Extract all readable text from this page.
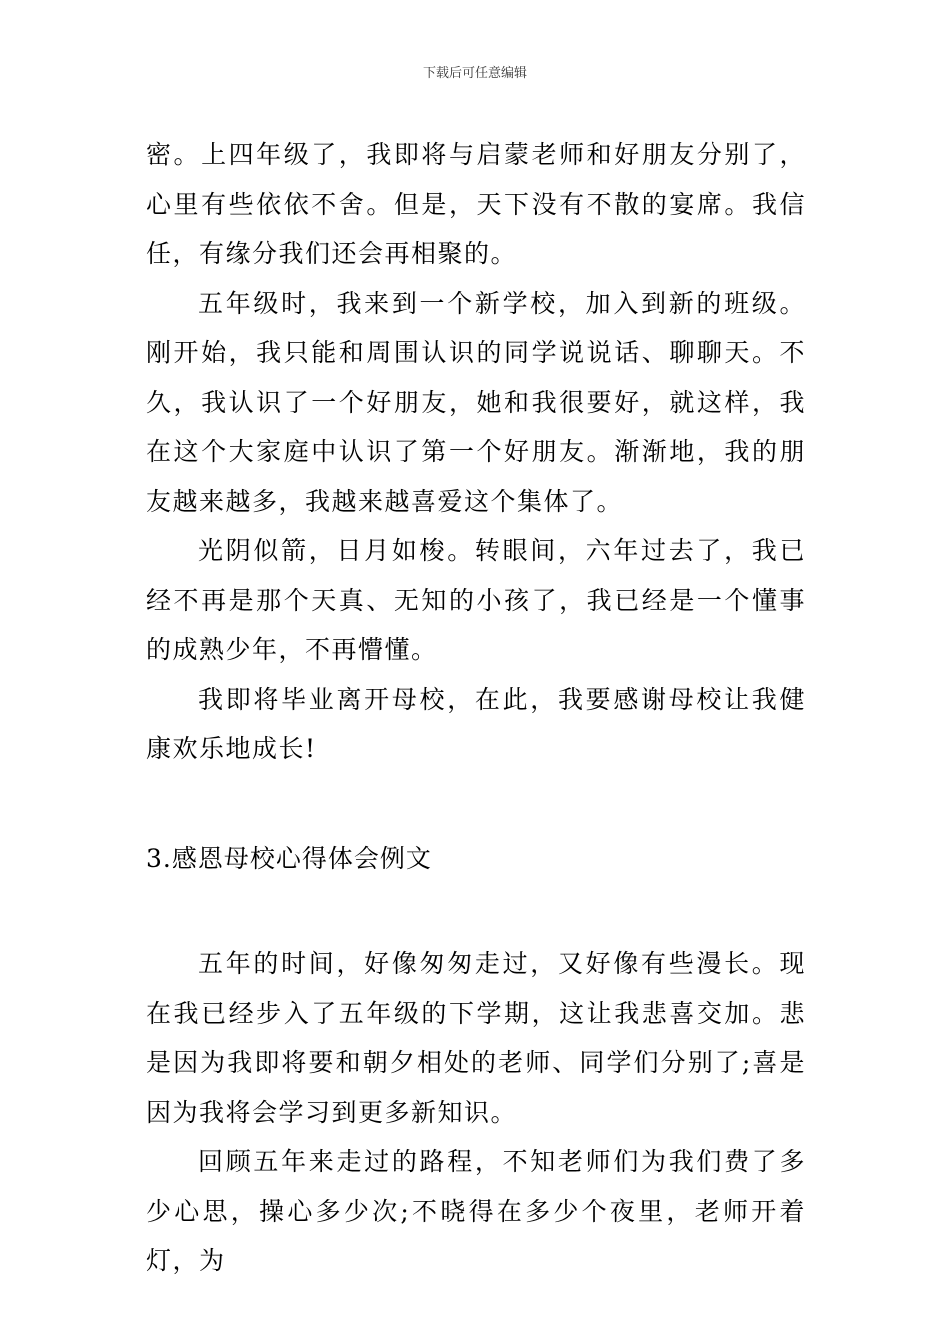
下载后可任意编辑

密。上四年级了，我即将与启蒙老师和好朋友分别了，心里有些依依不舍。但是，天下没有不散的宴席。我信任，有缘分我们还会再相聚的。

五年级时，我来到一个新学校，加入到新的班级。刚开始，我只能和周围认识的同学说说话、聊聊天。不久，我认识了一个好朋友，她和我很要好，就这样，我在这个大家庭中认识了第一个好朋友。渐渐地，我的朋友越来越多，我越来越喜爱这个集体了。

光阴似箭，日月如梭。转眼间，六年过去了，我已经不再是那个天真、无知的小孩了，我已经是一个懂事的成熟少年，不再懵懂。

我即将毕业离开母校，在此，我要感谢母校让我健康欢乐地成长!

3.感恩母校心得体会例文

五年的时间，好像匆匆走过，又好像有些漫长。现在我已经步入了五年级的下学期，这让我悲喜交加。悲是因为我即将要和朝夕相处的老师、同学们分别了;喜是因为我将会学习到更多新知识。

回顾五年来走过的路程，不知老师们为我们费了多少心思，操心多少次;不晓得在多少个夜里，老师开着灯，为
